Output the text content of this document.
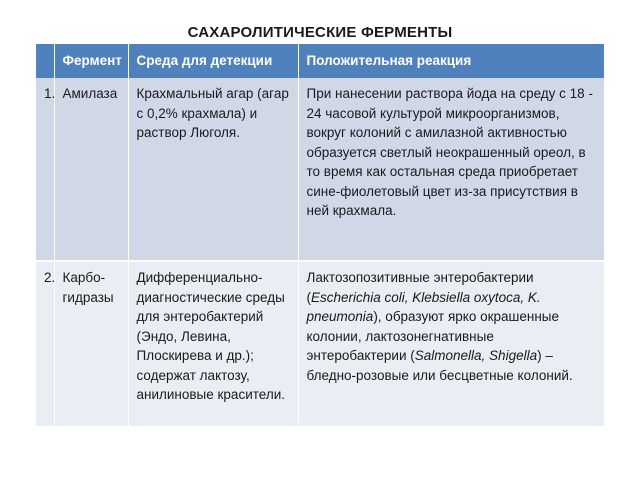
САХАРОЛИТИЧЕСКИЕ ФЕРМЕНТЫ
	Фермент	Среда для детекции	Положительная реакция
1.	Амилаза	Крахмальный агар (агар с 0,2% крахмала) и раствор Люголя.	При нанесении раствора йода на среду с 18 - 24 часовой культурой микроорганизмов, вокруг колоний с амилазной активностью образуется светлый неокрашенный ореол, в то время как остальная среда приобретает сине-фиолетовый цвет из-за присутствия в ней крахмала.
2.	Карбо-гидразы	Дифференциально-диагностические среды для энтеробактерий (Эндо, Левина, Плоскирева и др.); содержат лактозу, анилиновые красители.	Лактозопозитивные энтеробактерии (Escherichia coli, Klebsiella oxytoca, K. pneumonia), образуют ярко окрашенные колонии, лактозонегнативные энтеробактерии (Salmonella, Shigella) – бледно-розовые или бесцветные колоний.
